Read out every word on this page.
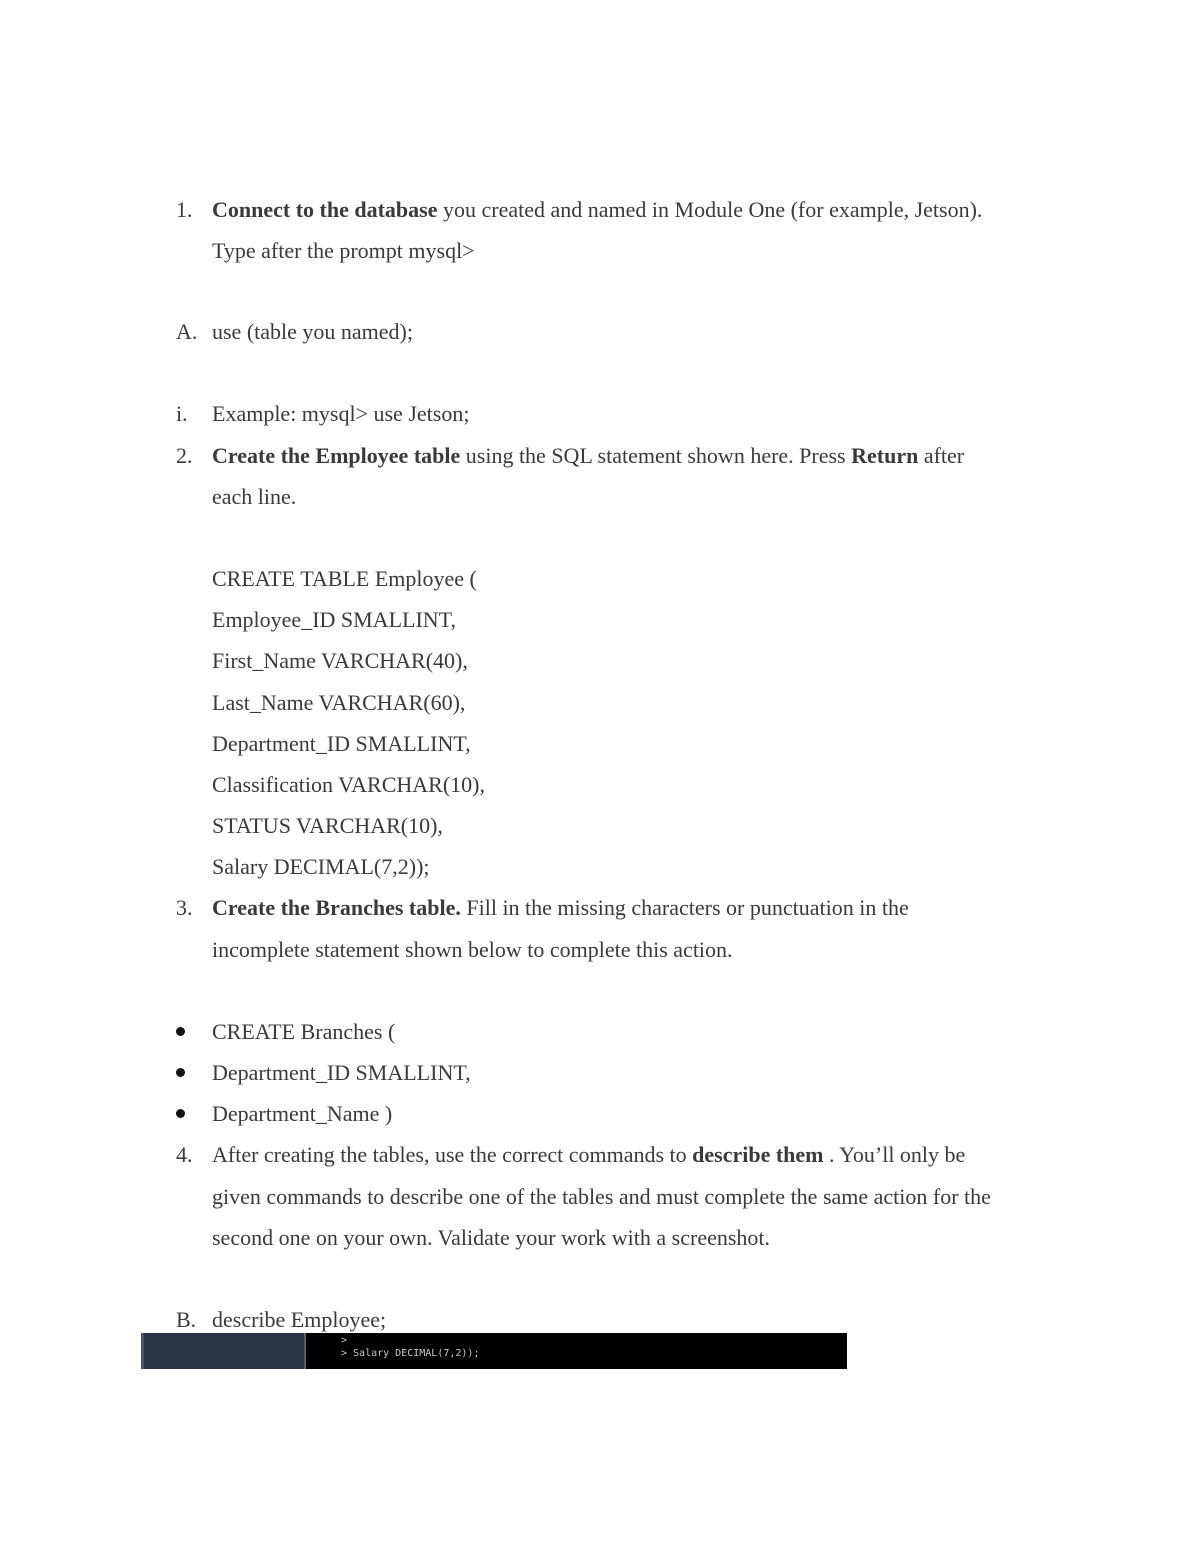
1. Connect to the database you created and named in Module One (for example, Jetson).
Type after the prompt mysql>
A. use (table you named);
i. Example: mysql> use Jetson;
2. Create the Employee table using the SQL statement shown here. Press Return after
each line.
CREATE TABLE Employee (
Employee_ID SMALLINT,
First_Name VARCHAR(40),
Last_Name VARCHAR(60),
Department_ID SMALLINT,
Classification VARCHAR(10),
STATUS VARCHAR(10),
Salary DECIMAL(7,2));
3. Create the Branches table. Fill in the missing characters or punctuation in the
incomplete statement shown below to complete this action.
CREATE Branches (
Department_ID SMALLINT,
Department_Name )
4. After creating the tables, use the correct commands to describe them . You’ll only be
given commands to describe one of the tables and must complete the same action for the
second one on your own. Validate your work with a screenshot.
B. describe Employee;
>
> Salary DECIMAL(7,2));
